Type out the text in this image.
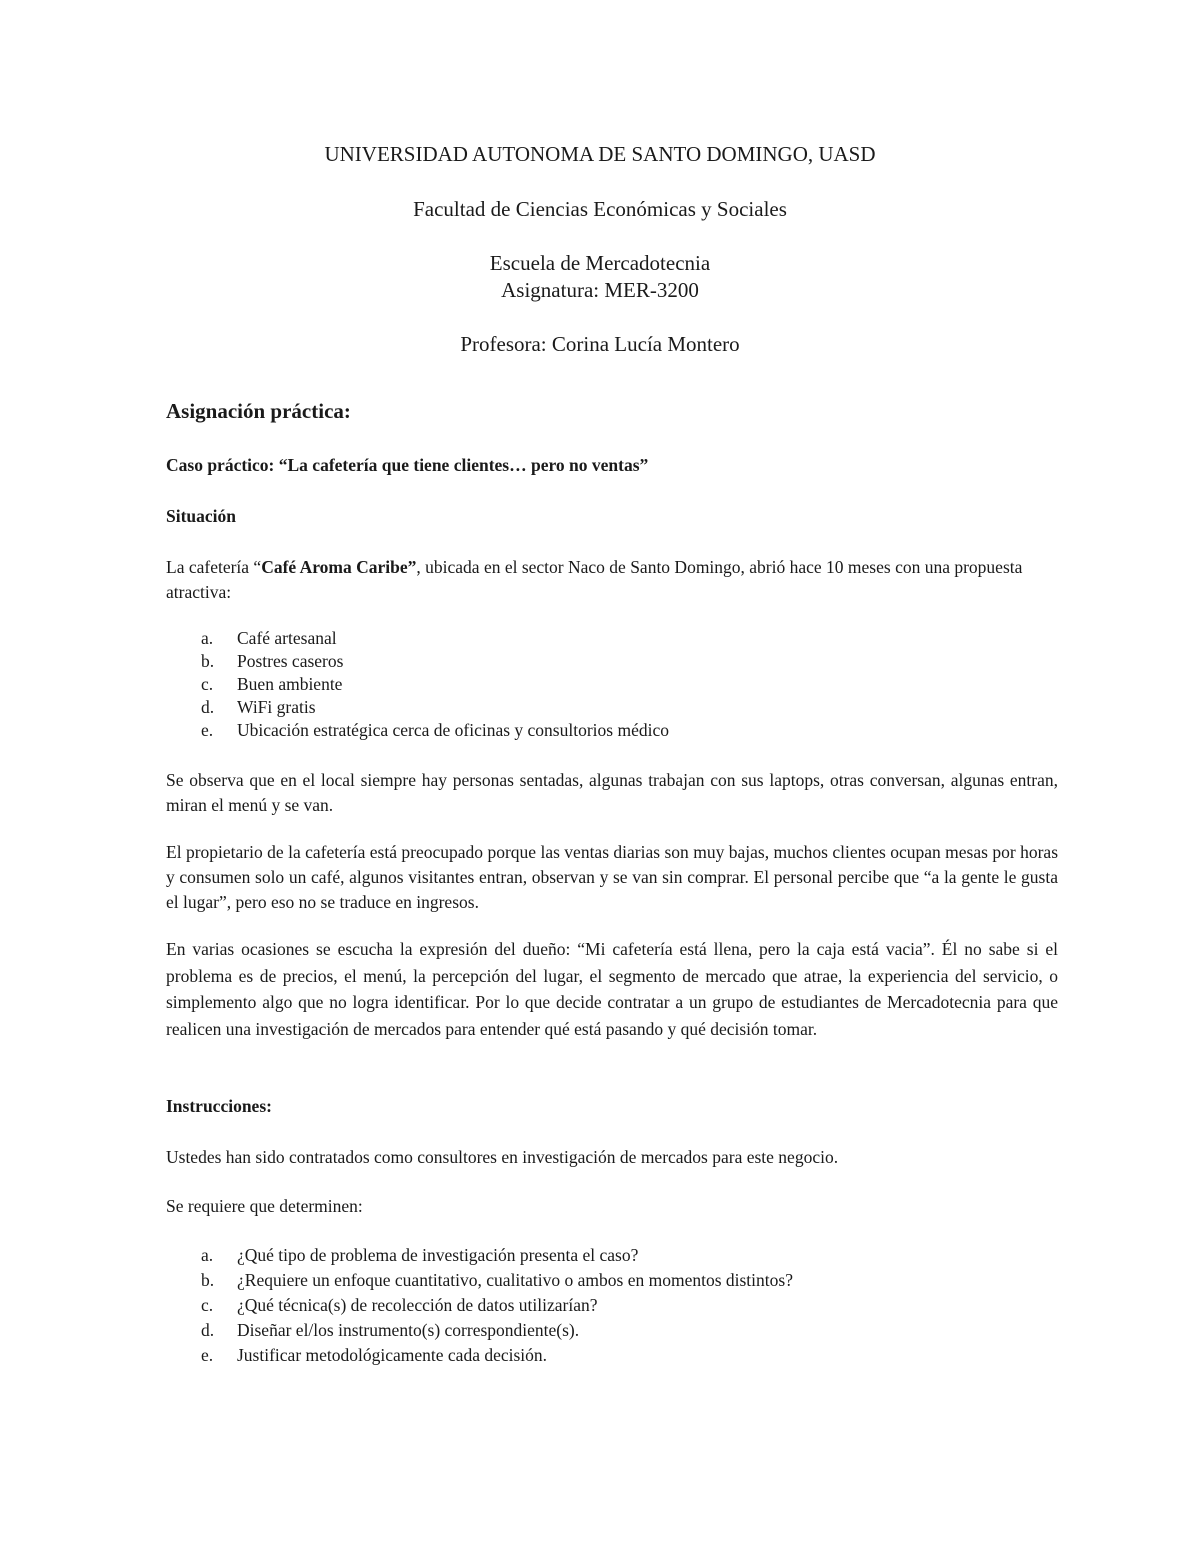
UNIVERSIDAD AUTONOMA DE SANTO DOMINGO, UASD
Facultad de Ciencias Económicas y Sociales
Escuela de Mercadotecnia
Asignatura: MER-3200
Profesora: Corina Lucía Montero
Asignación práctica:
Caso práctico: “La cafetería que tiene clientes… pero no ventas”
Situación

La cafetería “Café Aroma Caribe”, ubicada en el sector Naco de Santo Domingo, abrió hace 10 meses con una propuesta atractiva:

a. Café artesanal
b. Postres caseros
c. Buen ambiente
d. WiFi gratis
e. Ubicación estratégica cerca de oficinas y consultorios médico

Se observa que en el local siempre hay personas sentadas, algunas trabajan con sus laptops, otras conversan, algunas entran, miran el menú y se van.

El propietario de la cafetería está preocupado porque las ventas diarias son muy bajas, muchos clientes ocupan mesas por horas y consumen solo un café, algunos visitantes entran, observan y se van sin comprar. El personal percibe que “a la gente le gusta el lugar”, pero eso no se traduce en ingresos.

En varias ocasiones se escucha la expresión del dueño: “Mi cafetería está llena, pero la caja está vacia”. Él no sabe si el problema es de precios, el menú, la percepción del lugar, el segmento de mercado que atrae, la experiencia del servicio, o simplemento algo que no logra identificar. Por lo que decide contratar a un grupo de estudiantes de Mercadotecnia para que realicen una investigación de mercados para entender qué está pasando y qué decisión tomar.

Instrucciones:

Ustedes han sido contratados como consultores en investigación de mercados para este negocio.

Se requiere que determinen:

a. ¿Qué tipo de problema de investigación presenta el caso?
b. ¿Requiere un enfoque cuantitativo, cualitativo o ambos en momentos distintos?
c. ¿Qué técnica(s) de recolección de datos utilizarían?
d. Diseñar el/los instrumento(s) correspondiente(s).
e. Justificar metodológicamente cada decisión.
